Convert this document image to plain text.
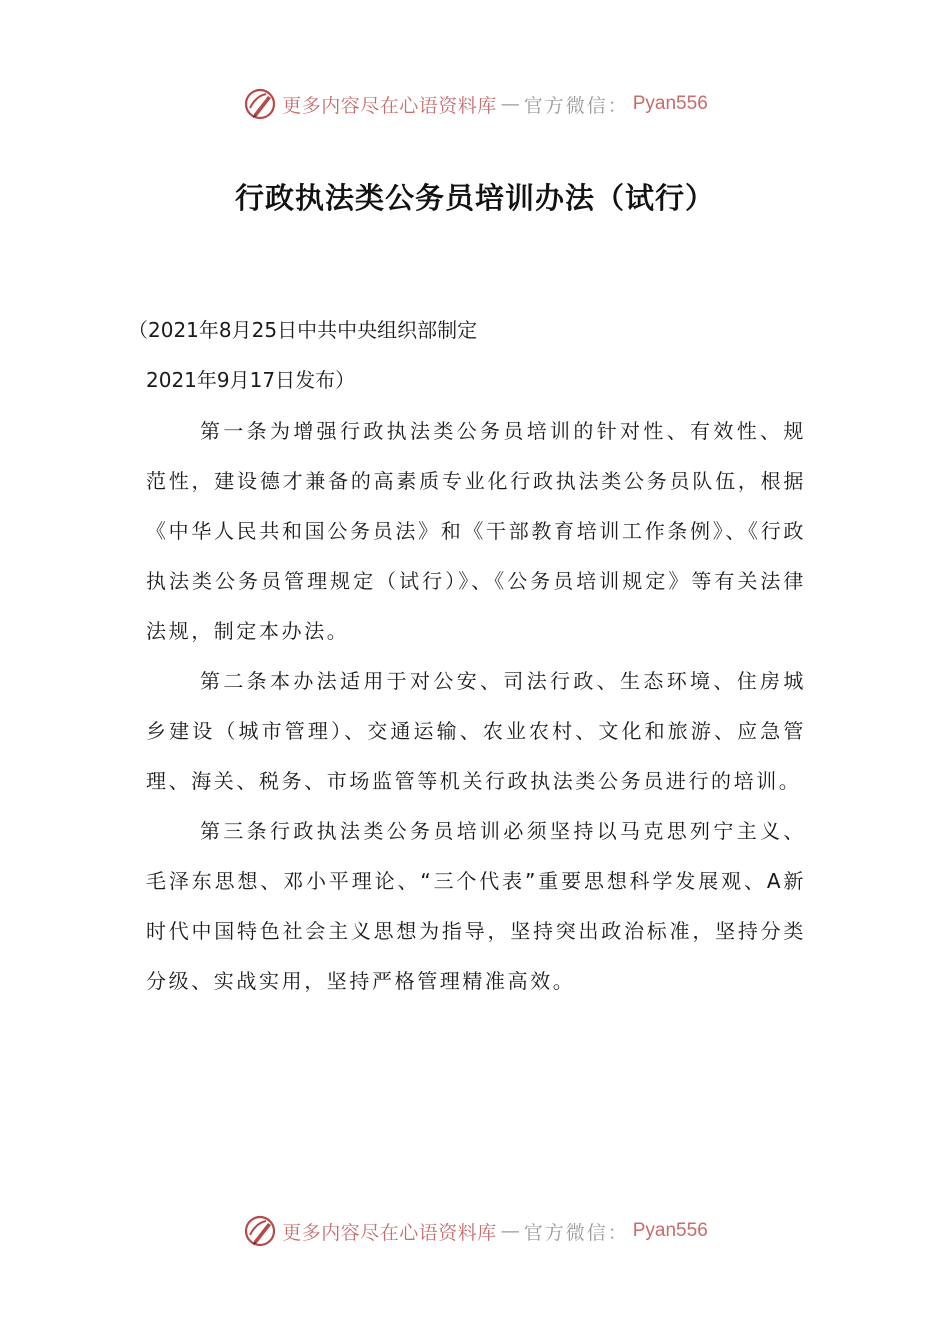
更多内容尽在心语资料库 — 官方微信： Pyan556
行政执法类公务员培训办法（试行）
（2021年8月25日中共中央组织部制定
2021年9月17日发布）

第一条为增强行政执法类公务员培训的针对性、有效性、规范性，建设德才兼备的高素质专业化行政执法类公务员队伍，根据《中华人民共和国公务员法》和《干部教育培训工作条例》、《行政执法类公务员管理规定（试行）》、《公务员培训规定》等有关法律法规，制定本办法。

第二条本办法适用于对公安、司法行政、生态环境、住房城乡建设（城市管理）、交通运输、农业农村、文化和旅游、应急管理、海关、税务、市场监管等机关行政执法类公务员进行的培训。

第三条行政执法类公务员培训必须坚持以马克思列宁主义、毛泽东思想、邓小平理论、“三个代表”重要思想科学发展观、A新时代中国特色社会主义思想为指导，坚持突出政治标准，坚持分类分级、实战实用，坚持严格管理精准高效。

更多内容尽在心语资料库 — 官方微信： Pyan556
